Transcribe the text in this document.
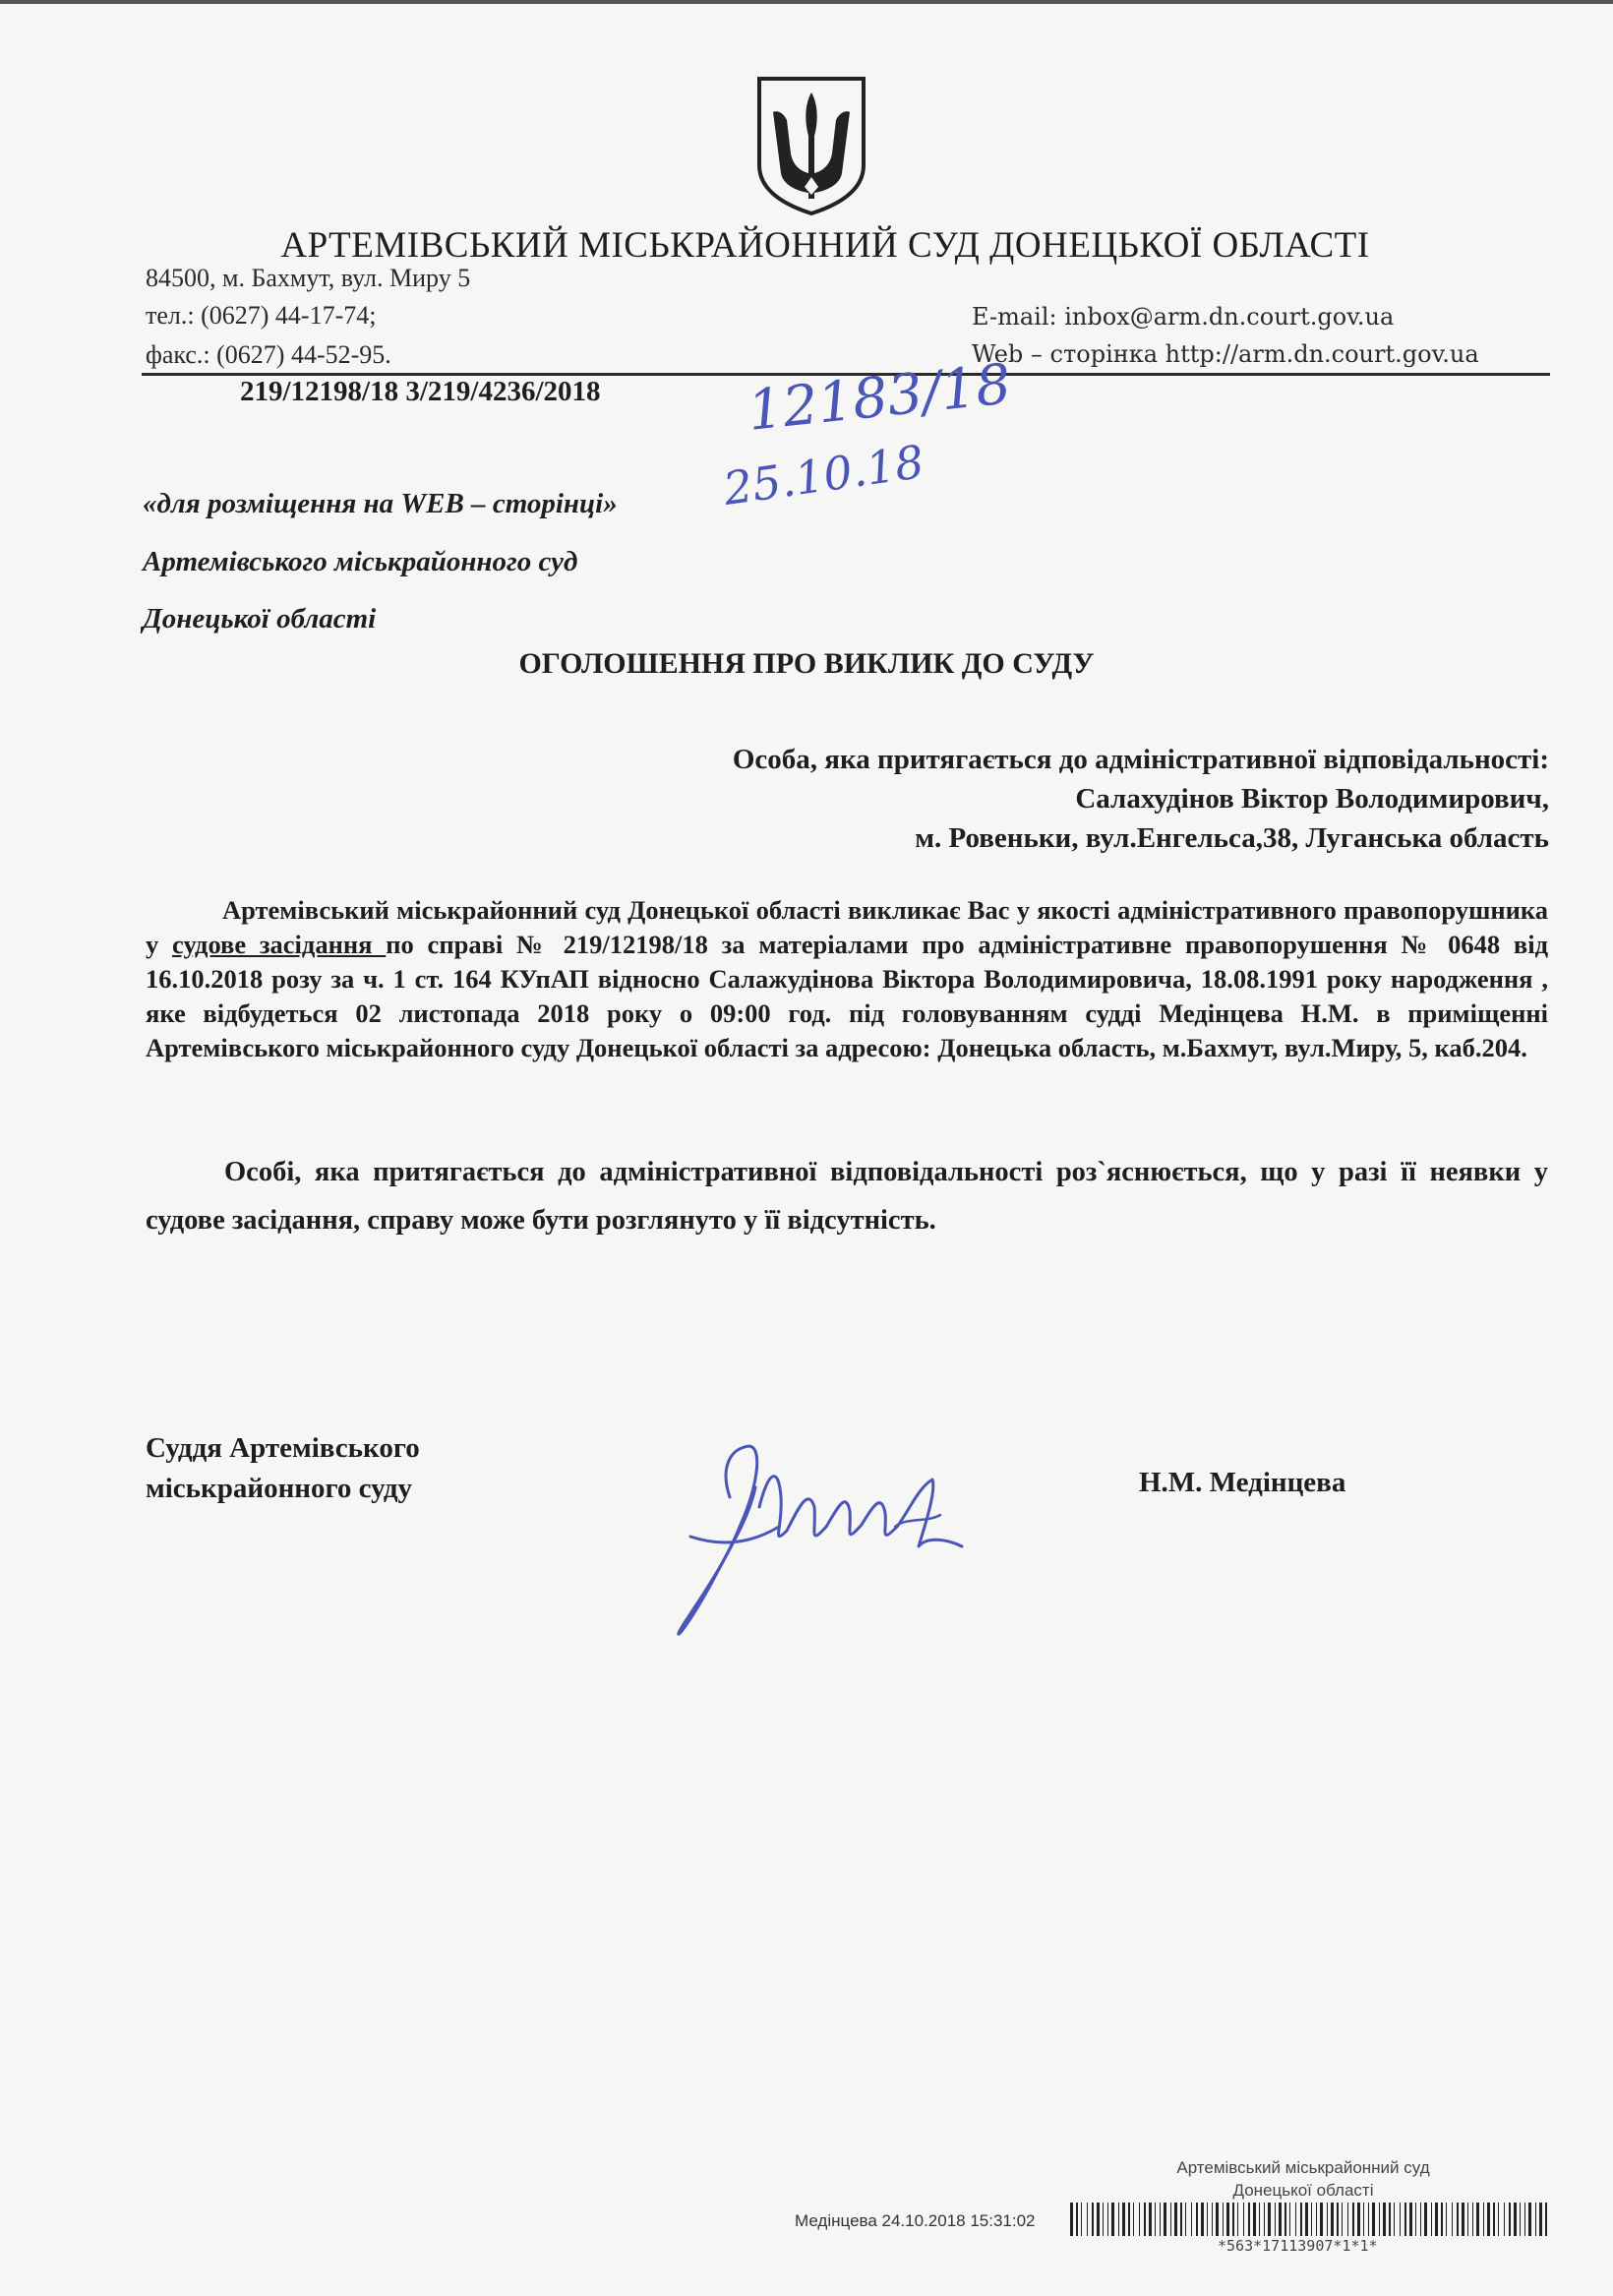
АРТЕМІВСЬКИЙ МІСЬКРАЙОННИЙ СУД ДОНЕЦЬКОЇ ОБЛАСТІ
84500, м. Бахмут, вул. Миру 5
тел.: (0627) 44-17-74;
факс.: (0627) 44-52-95.
E-mail: inbox@arm.dn.court.gov.ua
Web – сторінка http://arm.dn.court.gov.ua
219/12198/18 3/219/4236/2018	12183/18
25.10.18
«для розміщення на WEB – сторінці»
Артемівського міськрайонного суд
Донецької області
ОГОЛОШЕННЯ ПРО ВИКЛИК ДО СУДУ
Особа, яка притягається до адміністративної відповідальності:
Салахудінов Віктор Володимирович,
м. Ровеньки, вул.Енгельса,38, Луганська область

Артемівський міськрайонний суд Донецької області викликає Вас у якості адміністративного правопорушника у судове засідання по справі № 219/12198/18 за матеріалами про адміністративне правопорушення № 0648 від 16.10.2018 розу за ч. 1 ст. 164 КУпАП відносно Салажудінова Віктора Володимировича, 18.08.1991 року народження , яке відбудеться 02 листопада 2018 року о 09:00 год. під головуванням судді Медінцева Н.М. в приміщенні Артемівського міськрайонного суду Донецької області за адресою: Донецька область, м.Бахмут, вул.Миру, 5, каб.204.

Особі, яка притягається до адміністративної відповідальності роз`яснюється, що у разі її неявки у судове засідання, справу може бути розглянуто у її відсутність.

Суддя Артемівського
міськрайонного суду	Н.М. Медінцева
Артемівський міськрайонний суд
Донецької області
Медінцева 24.10.2018 15:31:02
*563*17113907*1*1*
